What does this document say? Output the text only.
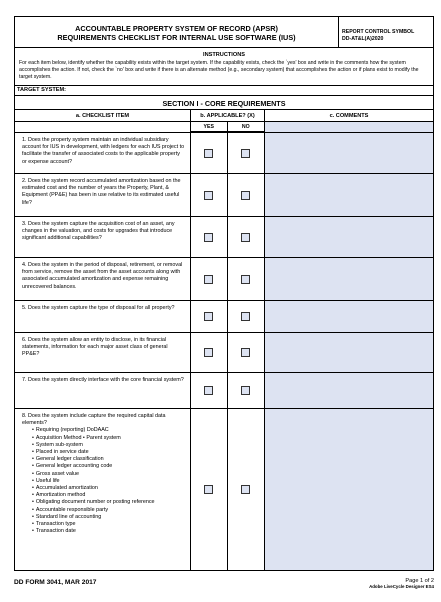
ACCOUNTABLE PROPERTY SYSTEM OF RECORD (APSR)
REQUIREMENTS CHECKLIST FOR INTERNAL USE SOFTWARE (IUS)
REPORT CONTROL SYMBOL
DD-AT&L(A)2020
INSTRUCTIONS
For each item below, identify whether the capability exists within the target system. If the capability exists, check the `yes' box and write in the comments how the system accomplishes the action. If not, check the `no' box and write if there is an alternate method (e.g., secondary system) that accomplishes the action or if plans exist to modify the target system.
TARGET SYSTEM:
SECTION I - CORE REQUIREMENTS
a. CHECKLIST ITEM	b. APPLICABLE? (X)	c. COMMENTS
YES	NO
1. Does the property system maintain an individual subsidiary account for IUS in development, with ledgers for each IUS project to facilitate the transfer of associated costs to the applicable property or expense account?
2. Does the system record accumulated amortization based on the estimated cost and the number of years the Property, Plant, & Equipment (PP&E) has been in use relative to its estimated useful life?
3. Does the system capture the acquisition cost of an asset, any changes in the valuation, and costs for upgrades that introduce significant additional capabilities?
4. Does the system in the period of disposal, retirement, or removal from service, remove the asset from the asset accounts along with associated accumulated amortization and expense remaining unrecovered balances.
5. Does the system capture the type of disposal for all property?
6. Does the system allow an entity to disclose, in its financial statements, information for each major asset class of general PP&E?
7. Does the system directly interface with the core financial system?
8. Does the system include capture the required capital data elements?
• Requiring (reporting) DoDAAC
• Acquisition Method • Parent system
• System sub-system
• Placed in service date
• General ledger classification
• General ledger accounting code
• Gross asset value
• Useful life
• Accumulated amortization
• Amortization method
• Obligating document number or posting reference
• Accountable responsible party
• Standard line of accounting
• Transaction type
• Transaction date
DD FORM 3041, MAR 2017	Page 1 of 2
Adobe LiveCycle Designer ES4
